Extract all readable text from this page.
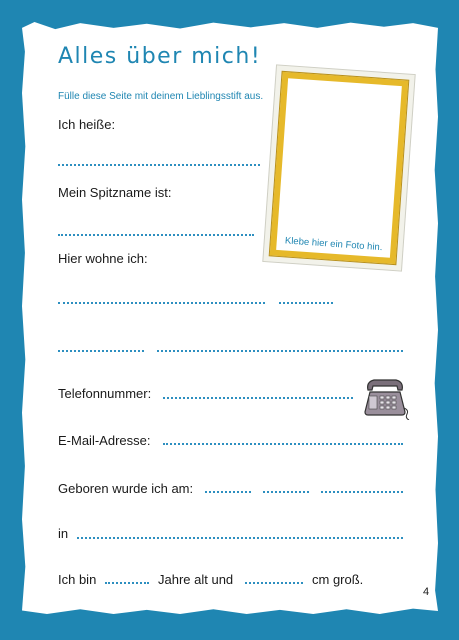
Alles über mich!
Fülle diese Seite mit deinem Lieblingsstift aus.
Ich heiße:
Mein Spitzname ist:
Hier wohne ich:
Telefonnummer:
E-Mail-Adresse:
Geboren wurde ich am:
in
Ich bin	Jahre alt und	cm groß.
Klebe hier ein Foto hin.
4
